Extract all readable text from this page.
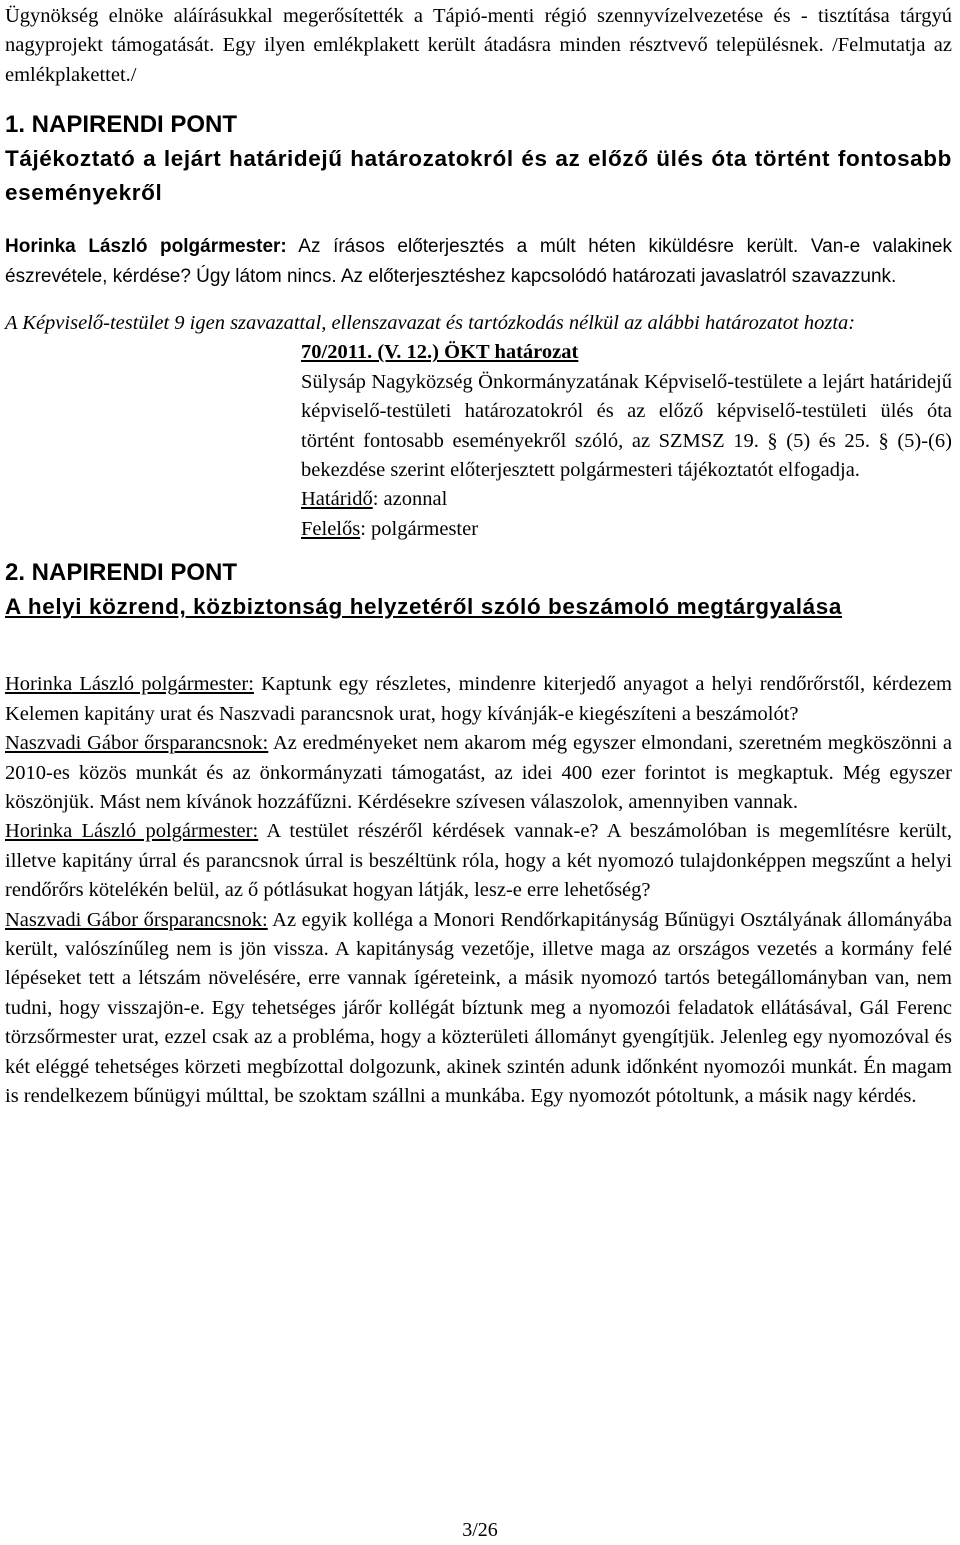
Ügynökség elnöke aláírásukkal megerősítették a Tápió-menti régió szennyvízelvezetése és - tisztítása tárgyú nagyprojekt támogatását. Egy ilyen emlékplakett került átadásra minden résztvevő településnek. /Felmutatja az emlékplakettet./

1. NAPIRENDI PONT
Tájékoztató a lejárt határidejű határozatokról és az előző ülés óta történt fontosabb eseményekről

Horinka László polgármester: Az írásos előterjesztés a múlt héten kiküldésre került. Van-e valakinek észrevétele, kérdése? Úgy látom nincs. Az előterjesztéshez kapcsolódó határozati javaslatról szavazzunk.

A Képviselő-testület 9 igen szavazattal, ellenszavazat és tartózkodás nélkül az alábbi határozatot hozta:

70/2011. (V. 12.) ÖKT határozat

Sülysáp Nagyközség Önkormányzatának Képviselő-testülete a lejárt határidejű képviselő-testületi határozatokról és az előző képviselő-testületi ülés óta történt fontosabb eseményekről szóló, az SZMSZ 19. § (5) és 25. § (5)-(6) bekezdése szerint előterjesztett polgármesteri tájékoztatót elfogadja.

Határidő: azonnal
Felelős: polgármester
2. NAPIRENDI PONT
A helyi közrend, közbiztonság helyzetéről szóló beszámoló megtárgyalása

Horinka László polgármester: Kaptunk egy részletes, mindenre kiterjedő anyagot a helyi rendőrőrstől, kérdezem Kelemen kapitány urat és Naszvadi parancsnok urat, hogy kívánják-e kiegészíteni a beszámolót?

Naszvadi Gábor őrsparancsnok: Az eredményeket nem akarom még egyszer elmondani, szeretném megköszönni a 2010-es közös munkát és az önkormányzati támogatást, az idei 400 ezer forintot is megkaptuk. Még egyszer köszönjük. Mást nem kívánok hozzáfűzni. Kérdésekre szívesen válaszolok, amennyiben vannak.

Horinka László polgármester: A testület részéről kérdések vannak-e? A beszámolóban is megemlítésre került, illetve kapitány úrral és parancsnok úrral is beszéltünk róla, hogy a két nyomozó tulajdonképpen megszűnt a helyi rendőrőrs kötelékén belül, az ő pótlásukat hogyan látják, lesz-e erre lehetőség?

Naszvadi Gábor őrsparancsnok: Az egyik kolléga a Monori Rendőrkapitányság Bűnügyi Osztályának állományába került, valószínűleg nem is jön vissza. A kapitányság vezetője, illetve maga az országos vezetés a kormány felé lépéseket tett a létszám növelésére, erre vannak ígéreteink, a másik nyomozó tartós betegállományban van, nem tudni, hogy visszajön-e. Egy tehetséges járőr kollégát bíztunk meg a nyomozói feladatok ellátásával, Gál Ferenc törzsőrmester urat, ezzel csak az a probléma, hogy a közterületi állományt gyengítjük. Jelenleg egy nyomozóval és két eléggé tehetséges körzeti megbízottal dolgozunk, akinek szintén adunk időnként nyomozói munkát. Én magam is rendelkezem bűnügyi múlttal, be szoktam szállni a munkába. Egy nyomozót pótoltunk, a másik nagy kérdés.

3/26
